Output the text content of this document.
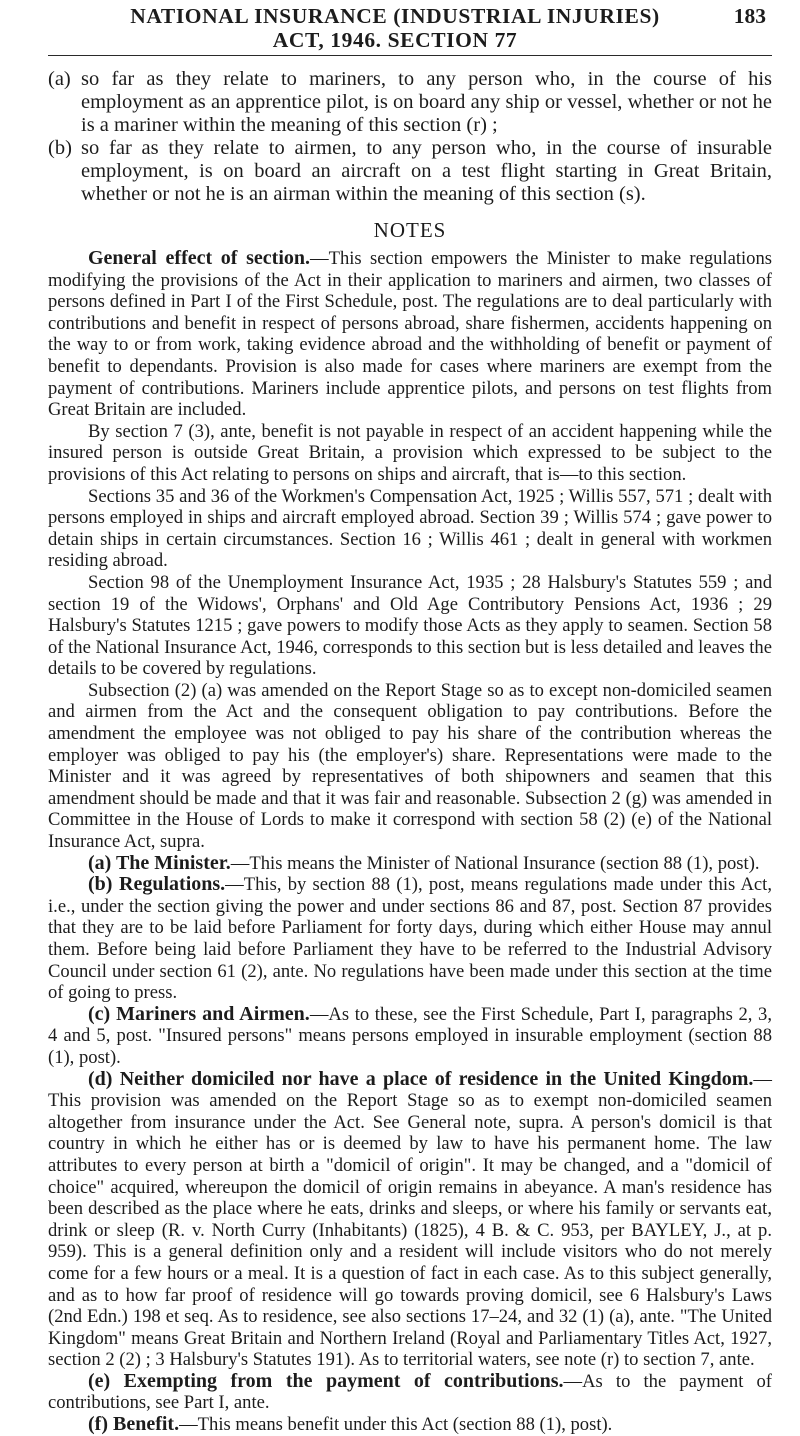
NATIONAL INSURANCE (INDUSTRIAL INJURIES)
ACT, 1946. SECTION 77
183
(a) so far as they relate to mariners, to any person who, in the course of his employment as an apprentice pilot, is on board any ship or vessel, whether or not he is a mariner within the meaning of this section (r) ;
(b) so far as they relate to airmen, to any person who, in the course of insurable employment, is on board an aircraft on a test flight starting in Great Britain, whether or not he is an airman within the meaning of this section (s).
NOTES

General effect of section.—This section empowers the Minister to make regulations modifying the provisions of the Act in their application to mariners and airmen, two classes of persons defined in Part I of the First Schedule, post. The regulations are to deal particularly with contributions and benefit in respect of persons abroad, share fishermen, accidents happening on the way to or from work, taking evidence abroad and the withholding of benefit or payment of benefit to dependants. Provision is also made for cases where mariners are exempt from the payment of contributions. Mariners include apprentice pilots, and persons on test flights from Great Britain are included.

By section 7 (3), ante, benefit is not payable in respect of an accident happening while the insured person is outside Great Britain, a provision which expressed to be subject to the provisions of this Act relating to persons on ships and aircraft, that is—to this section.

Sections 35 and 36 of the Workmen's Compensation Act, 1925 ; Willis 557, 571 ; dealt with persons employed in ships and aircraft employed abroad. Section 39 ; Willis 574 ; gave power to detain ships in certain circumstances. Section 16 ; Willis 461 ; dealt in general with workmen residing abroad.

Section 98 of the Unemployment Insurance Act, 1935 ; 28 Halsbury's Statutes 559 ; and section 19 of the Widows', Orphans' and Old Age Contributory Pensions Act, 1936 ; 29 Halsbury's Statutes 1215 ; gave powers to modify those Acts as they apply to seamen. Section 58 of the National Insurance Act, 1946, corresponds to this section but is less detailed and leaves the details to be covered by regulations.

Subsection (2) (a) was amended on the Report Stage so as to except non-domiciled seamen and airmen from the Act and the consequent obligation to pay contributions. Before the amendment the employee was not obliged to pay his share of the contribution whereas the employer was obliged to pay his (the employer's) share. Representations were made to the Minister and it was agreed by representatives of both shipowners and seamen that this amendment should be made and that it was fair and reasonable. Subsection 2 (g) was amended in Committee in the House of Lords to make it correspond with section 58 (2) (e) of the National Insurance Act, supra.

(a) The Minister.—This means the Minister of National Insurance (section 88 (1), post).

(b) Regulations.—This, by section 88 (1), post, means regulations made under this Act, i.e., under the section giving the power and under sections 86 and 87, post. Section 87 provides that they are to be laid before Parliament for forty days, during which either House may annul them. Before being laid before Parliament they have to be referred to the Industrial Advisory Council under section 61 (2), ante. No regulations have been made under this section at the time of going to press.

(c) Mariners and Airmen.—As to these, see the First Schedule, Part I, paragraphs 2, 3, 4 and 5, post. "Insured persons" means persons employed in insurable employment (section 88 (1), post).

(d) Neither domiciled nor have a place of residence in the United Kingdom.—This provision was amended on the Report Stage so as to exempt non-domiciled seamen altogether from insurance under the Act. See General note, supra. A person's domicil is that country in which he either has or is deemed by law to have his permanent home. The law attributes to every person at birth a "domicil of origin". It may be changed, and a "domicil of choice" acquired, whereupon the domicil of origin remains in abeyance. A man's residence has been described as the place where he eats, drinks and sleeps, or where his family or servants eat, drink or sleep (R. v. North Curry (Inhabitants) (1825), 4 B. & C. 953, per BAYLEY, J., at p. 959). This is a general definition only and a resident will include visitors who do not merely come for a few hours or a meal. It is a question of fact in each case. As to this subject generally, and as to how far proof of residence will go towards proving domicil, see 6 Halsbury's Laws (2nd Edn.) 198 et seq. As to residence, see also sections 17–24, and 32 (1) (a), ante. "The United Kingdom" means Great Britain and Northern Ireland (Royal and Parliamentary Titles Act, 1927, section 2 (2) ; 3 Halsbury's Statutes 191). As to territorial waters, see note (r) to section 7, ante.

(e) Exempting from the payment of contributions.—As to the payment of contributions, see Part I, ante.

(f) Benefit.—This means benefit under this Act (section 88 (1), post).
